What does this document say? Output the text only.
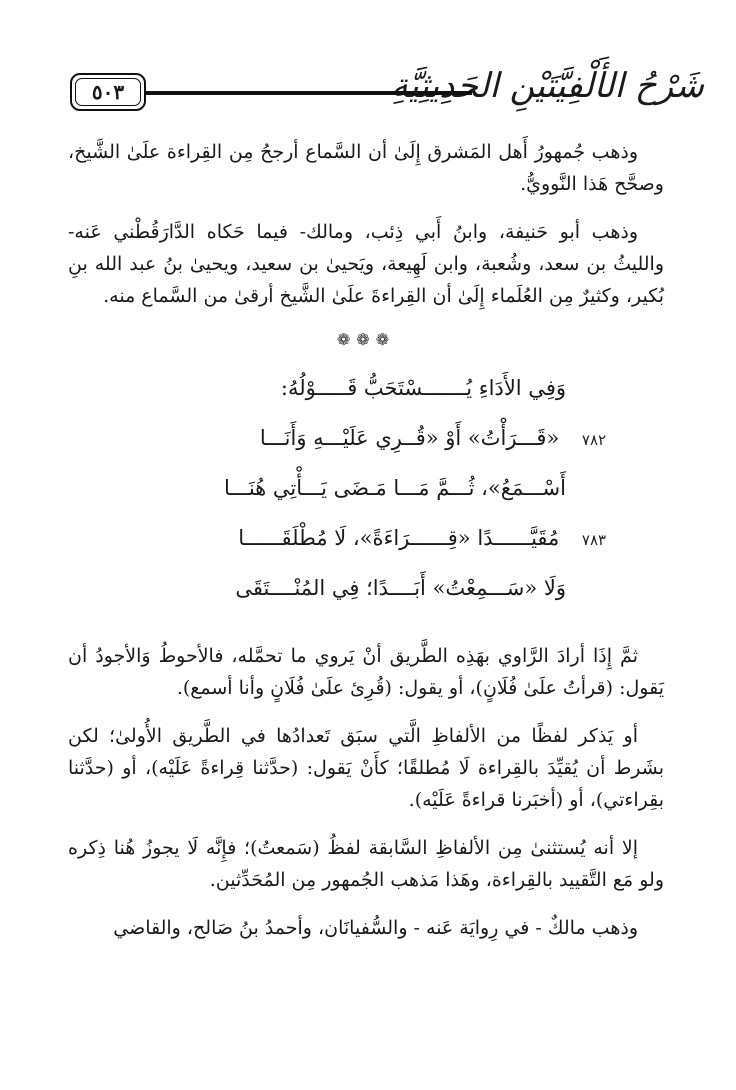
شَرْحُ الأَلْفِيَّتَيْنِ الحَدِيثِيَّةِ
٥٠٣

وذهب جُمهورُ أَهل المَشرق إِلَىٰ أن السَّماع أرجحُ مِن القِراءة علَىٰ الشَّيخ، وصحَّح هَذا النَّوويُّ.

وذهب أبو حَنيفة، وابنُ أَبي ذِئب، ومالك- فيما حَكاه الدَّارَقُطْني عَنه- والليثُ بن سعد، وشُعبة، وابن لَهِيعة، ويَحيىٰ بن سعيد، ويحيىٰ بنُ عبد الله بنِ بُكير، وكثيرٌ مِن العُلَماء إِلَىٰ أن القِراءةَ علَىٰ الشَّيخ أرقىٰ من السَّماع منه.

❁❁❁
وَفِي الأَدَاءِ يُـــــــسْتَحَبُّ قَـــــوْلُهُ:
٧٨٢ «قَـــرَأْتُ» أَوْ «قُــرِي عَلَيْـــهِ وَأَنَـــا
أَسْـــمَعُ»، ثُـــمَّ مَـــا مَـضَى يَـــأْتِي هُنَـــا
٧٨٣ مُقَيَّــــــدًا «قِــــــرَاءَةً»، لَا مُطْلَقَــــــا
وَلَا «سَـــمِعْتُ» أَبَــــدًا؛ فِي المُنْــــتَقَى

ثمَّ إِذَا أرادَ الرَّاوي بهَذِه الطَّريق أنْ يَروي ما تحمَّله، فالأحوطُ وَالأجودُ أن يَقول: (قرأتُ علَىٰ فُلَانٍ)، أو يقول: (قُرِئ علَىٰ فُلَانٍ وأنا أسمع).

أو يَذكر لفظًا من الألفاظِ الَّتي سبَق تَعدادُها في الطَّريق الأُولىٰ؛ لكن بشَرط أن يُقيِّدَ بالقِراءة لَا مُطلقًا؛ كأَنْ يَقول: (حدَّثنا قِراءةً عَلَيْه)، أو (حدَّثنا بقِراءتي)، أو (أخبَرنا قراءةً عَلَيْه).

إلا أنه يُستثنىٰ مِن الألفاظِ السَّابقة لفظُ (سَمعتُ)؛ فإِنَّه لَا يجوزُ هُنا ذِكره ولو مَع التَّقييد بالقِراءة، وهَذا مَذهب الجُمهور مِن المُحَدِّثين.

وذهب مالكٌ - في رِوايَة عَنه - والسُّفيانَان، وأحمدُ بنُ صَالح، والقاضي
